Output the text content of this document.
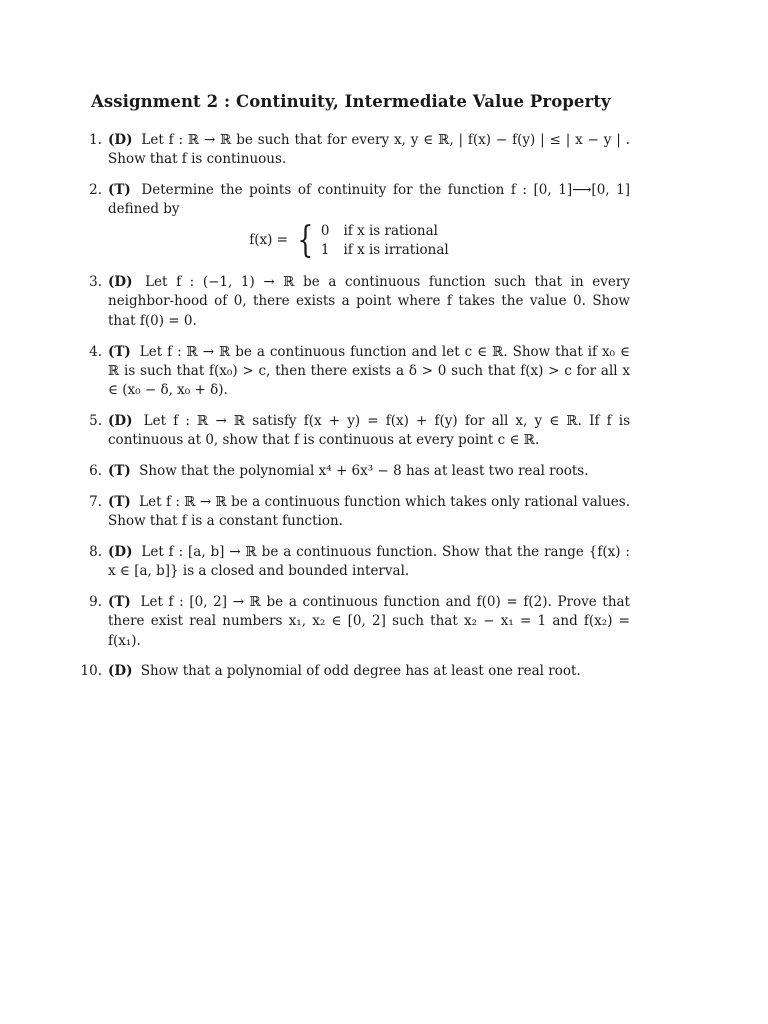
Assignment 2 : Continuity, Intermediate Value Property
1. (D) Let f : ℝ → ℝ be such that for every x, y ∈ ℝ, | f(x) − f(y) | ≤ | x − y | . Show that f is continuous.
2. (T) Determine the points of continuity for the function f : [0, 1]⟶[0, 1] defined by
f(x) = { 0 if x is rational
1 if x is irrational
3. (D) Let f : (−1, 1) → ℝ be a continuous function such that in every neighbor-hood of 0, there exists a point where f takes the value 0. Show that f(0) = 0.
4. (T) Let f : ℝ → ℝ be a continuous function and let c ∈ ℝ. Show that if x₀ ∈ ℝ is such that f(x₀) > c, then there exists a δ > 0 such that f(x) > c for all x ∈ (x₀ − δ, x₀ + δ).
5. (D) Let f : ℝ → ℝ satisfy f(x + y) = f(x) + f(y) for all x, y ∈ ℝ. If f is continuous at 0, show that f is continuous at every point c ∈ ℝ.
6. (T) Show that the polynomial x⁴ + 6x³ − 8 has at least two real roots.
7. (T) Let f : ℝ → ℝ be a continuous function which takes only rational values. Show that f is a constant function.
8. (D) Let f : [a, b] → ℝ be a continuous function. Show that the range {f(x) : x ∈ [a, b]} is a closed and bounded interval.
9. (T) Let f : [0, 2] → ℝ be a continuous function and f(0) = f(2). Prove that there exist real numbers x₁, x₂ ∈ [0, 2] such that x₂ − x₁ = 1 and f(x₂) = f(x₁).
10. (D) Show that a polynomial of odd degree has at least one real root.
